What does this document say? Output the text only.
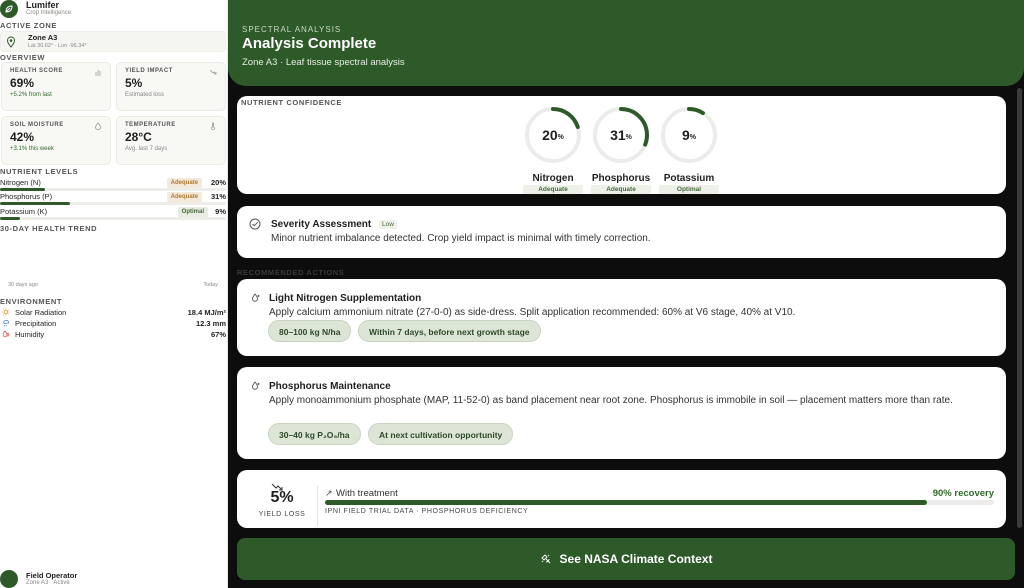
Lumifer
Crop Intelligence
ACTIVE ZONE
Zone A3
Lat 30.62° · Lon -96.34°
OVERVIEW
HEALTH SCORE
69%
+5.2% from last
YIELD IMPACT
5%
Estimated loss
SOIL MOISTURE
42%
+3.1% this week
TEMPERATURE
28°C
Avg. last 7 days
NUTRIENT LEVELS
Nitrogen (N)	Adequate	20%
Phosphorus (P)	Adequate	31%
Potassium (K)	Optimal	9%
30-DAY HEALTH TREND
30 days ago	Today
ENVIRONMENT
Solar Radiation	18.4 MJ/m²
Precipitation	12.3 mm
Humidity	67%
Field Operator
Zone A3 · Active
SPECTRAL ANALYSIS
Analysis Complete
Zone A3 · Leaf tissue spectral analysis
NUTRIENT CONFIDENCE
20 %
Nitrogen
Adequate
31 %
Phosphorus
Adequate
9 %
Potassium
Optimal
Severity Assessment	Low
Minor nutrient imbalance detected. Crop yield impact is minimal with timely correction.
RECOMMENDED ACTIONS
Light Nitrogen Supplementation
Apply calcium ammonium nitrate (27-0-0) as side-dress. Split application recommended: 60% at V6 stage, 40% at V10.
80–100 kg N/ha	Within 7 days, before next growth stage
Phosphorus Maintenance
Apply monoammonium phosphate (MAP, 11-52-0) as band placement near root zone. Phosphorus is immobile in soil — placement matters more than rate.
30–40 kg P₂O₅/ha	At next cultivation opportunity
5%
YIELD LOSS
↗ With treatment	90% recovery
IPNI FIELD TRIAL DATA · PHOSPHORUS DEFICIENCY
See NASA Climate Context
